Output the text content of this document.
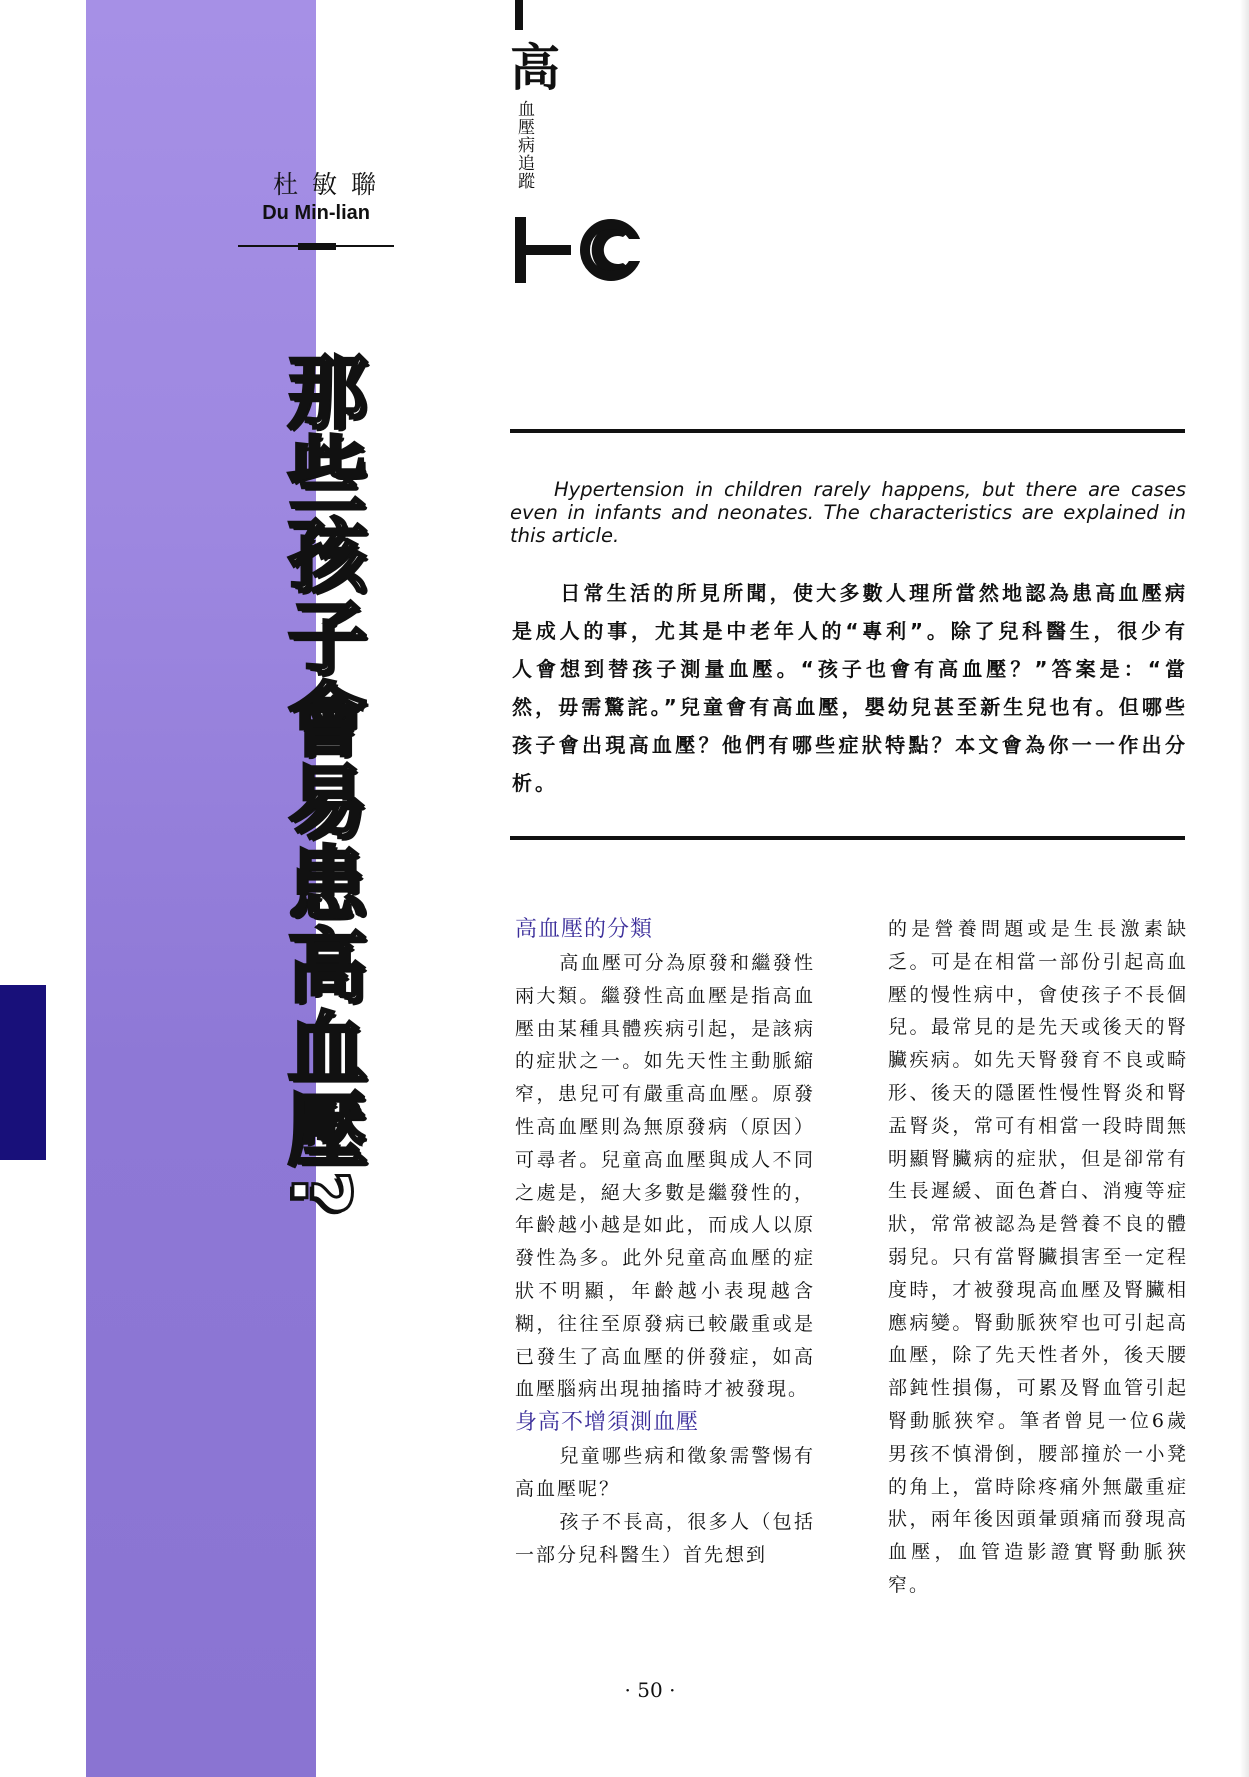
杜敏聯
Du Min-lian
那些孩子會易患高血壓?
高
血壓病追蹤
Hypertension in children rarely happens, but there are cases even in infants and neonates. The characteristics are explained in this article.
日常生活的所見所聞，使大多數人理所當然地認為患高血壓病是成人的事，尤其是中老年人的“專利”。除了兒科醫生，很少有人會想到替孩子測量血壓。“孩子也會有高血壓？”答案是：“當然，毋需驚詫。”兒童會有高血壓，嬰幼兒甚至新生兒也有。但哪些孩子會出現高血壓？他們有哪些症狀特點？本文會為你一一作出分析。
高血壓的分類

高血壓可分為原發和繼發性兩大類。繼發性高血壓是指高血壓由某種具體疾病引起，是該病的症狀之一。如先天性主動脈縮窄，患兒可有嚴重高血壓。原發性高血壓則為無原發病（原因）可尋者。兒童高血壓與成人不同之處是，絕大多數是繼發性的，年齡越小越是如此，而成人以原發性為多。此外兒童高血壓的症狀不明顯，年齡越小表現越含糊，往往至原發病已較嚴重或是已發生了高血壓的併發症，如高血壓腦病出現抽搐時才被發現。

身高不增須測血壓

兒童哪些病和徵象需警惕有高血壓呢？

孩子不長高，很多人（包括一部分兒科醫生）首先想到

的是營養問題或是生長激素缺乏。可是在相當一部份引起高血壓的慢性病中，會使孩子不長個兒。最常見的是先天或後天的腎臟疾病。如先天腎發育不良或畸形、後天的隱匿性慢性腎炎和腎盂腎炎，常可有相當一段時間無明顯腎臟病的症狀，但是卻常有生長遲緩、面色蒼白、消瘦等症狀，常常被認為是營養不良的體弱兒。只有當腎臟損害至一定程度時，才被發現高血壓及腎臟相應病變。腎動脈狹窄也可引起高血壓，除了先天性者外，後天腰部鈍性損傷，可累及腎血管引起腎動脈狹窄。筆者曾見一位6歲男孩不慎滑倒，腰部撞於一小凳的角上，當時除疼痛外無嚴重症狀，兩年後因頭暈頭痛而發現高血壓，血管造影證實腎動脈狹窄。

· 50 ·
